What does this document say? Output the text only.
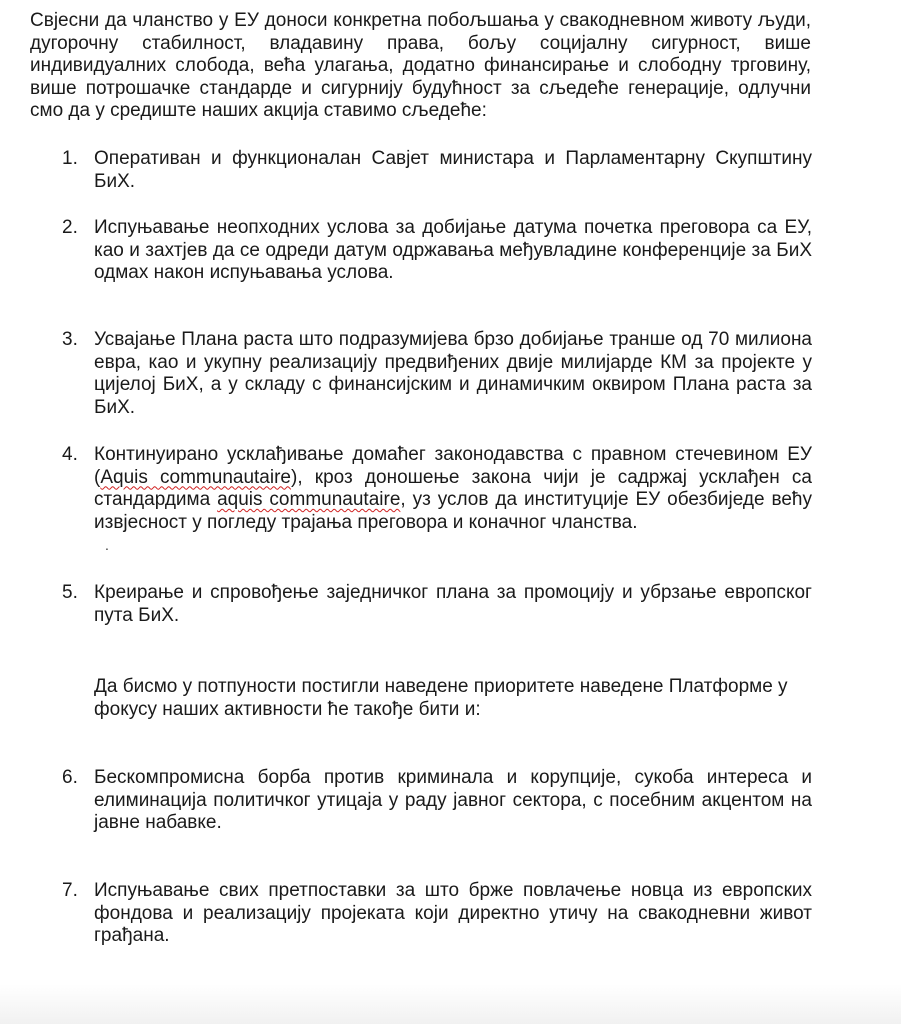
Свјесни да чланство у ЕУ доноси конкретна побољшања у свакодневном животу људи, дугорочну стабилност, владавину права, бољу социјалну сигурност, више индивидуалних слобода, већа улагања, додатно финансирање и слободну трговину, више потрошачке стандарде и сигурнију будућност за сљедеће генерације, одлучни смо да у средиште наших акција ставимо сљедеће:

1. Оперативан и функционалан Савјет министара и Парламентарну Скупштину БиХ.
2. Испуњавање неопходних услова за добијање датума почетка преговора са ЕУ, као и захтјев да се одреди датум одржавања међувладине конференције за БиХ одмах након испуњавања услова.
3. Усвајање Плана раста што подразумијева брзо добијање транше од 70 милиона евра, као и укупну реализацију предвиђених двије милијарде КМ за пројекте у цијелој БиХ, а у складу с финансијским и динамичким оквиром Плана раста за БиХ.
4. Континуирано усклађивање домаћег законодавства с правном стечевином ЕУ (Aquis communautaire), кроз доношење закона чији је садржај усклађен са стандардима aquis communautaire, уз услов да институције ЕУ обезбиједе већу извјесност у погледу трајања преговора и коначног чланства.
.
5. Креирање и спровођење заједничког плана за промоцију и убрзање европског пута БиХ.

Да бисмо у потпуности постигли наведене приоритете наведене Платформе у фокусу наших активности ће такође бити и:

6. Бескомпромисна борба против криминала и корупције, сукоба интереса и елиминација политичког утицаја у раду јавног сектора, с посебним акцентом на јавне набавке.
7. Испуњавање свих претпоставки за што брже повлачење новца из европских фондова и реализацију пројеката који директно утичу на свакодневни живот грађана.
